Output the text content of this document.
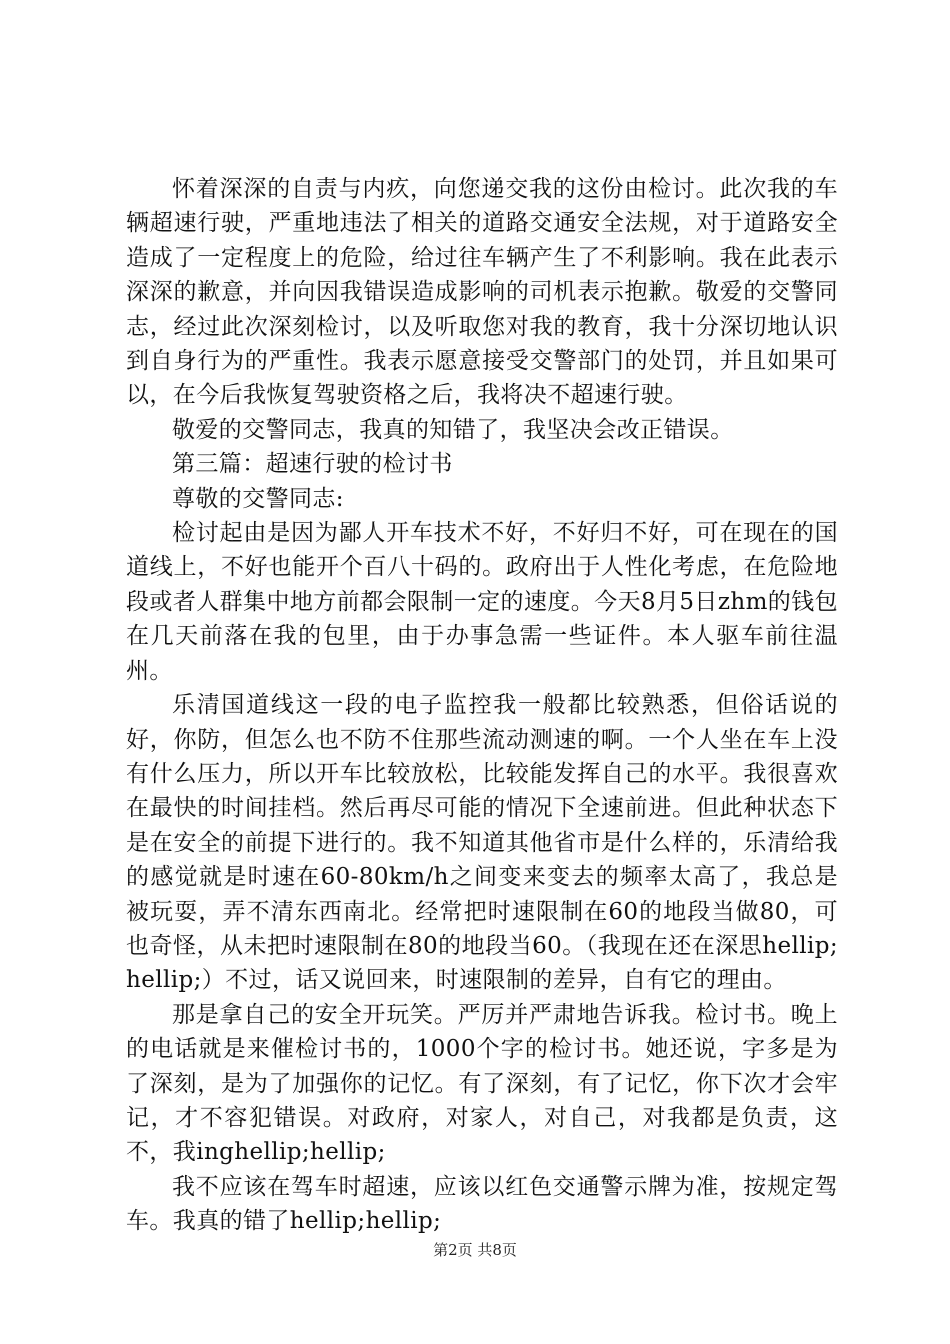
怀着深深的自责与内疚，向您递交我的这份由检讨。此次我的车辆超速行驶，严重地违法了相关的道路交通安全法规，对于道路安全造成了一定程度上的危险，给过往车辆产生了不利影响。我在此表示深深的歉意，并向因我错误造成影响的司机表示抱歉。敬爱的交警同志，经过此次深刻检讨，以及听取您对我的教育，我十分深切地认识到自身行为的严重性。我表示愿意接受交警部门的处罚，并且如果可以，在今后我恢复驾驶资格之后，我将决不超速行驶。

敬爱的交警同志，我真的知错了，我坚决会改正错误。

第三篇：超速行驶的检讨书

尊敬的交警同志:

检讨起由是因为鄙人开车技术不好，不好归不好，可在现在的国道线上，不好也能开个百八十码的。政府出于人性化考虑，在危险地段或者人群集中地方前都会限制一定的速度。今天8月5日zhm的钱包在几天前落在我的包里，由于办事急需一些证件。本人驱车前往温州。

乐清国道线这一段的电子监控我一般都比较熟悉，但俗话说的好，你防，但怎么也不防不住那些流动测速的啊。一个人坐在车上没有什么压力，所以开车比较放松，比较能发挥自己的水平。我很喜欢在最快的时间挂档。然后再尽可能的情况下全速前进。但此种状态下是在安全的前提下进行的。我不知道其他省市是什么样的，乐清给我的感觉就是时速在60-80km/h之间变来变去的频率太高了，我总是被玩耍，弄不清东西南北。经常把时速限制在60的地段当做80，可也奇怪，从未把时速限制在80的地段当60。（我现在还在深思hellip;hellip;）不过，话又说回来，时速限制的差异，自有它的理由。

那是拿自己的安全开玩笑。严厉并严肃地告诉我。检讨书。晚上的电话就是来催检讨书的，1000个字的检讨书。她还说，字多是为了深刻，是为了加强你的记忆。有了深刻，有了记忆，你下次才会牢记，才不容犯错误。对政府，对家人，对自己，对我都是负责，这不，我inghellip;hellip;

我不应该在驾车时超速，应该以红色交通警示牌为准，按规定驾车。我真的错了hellip;hellip;

第2页 共8页
